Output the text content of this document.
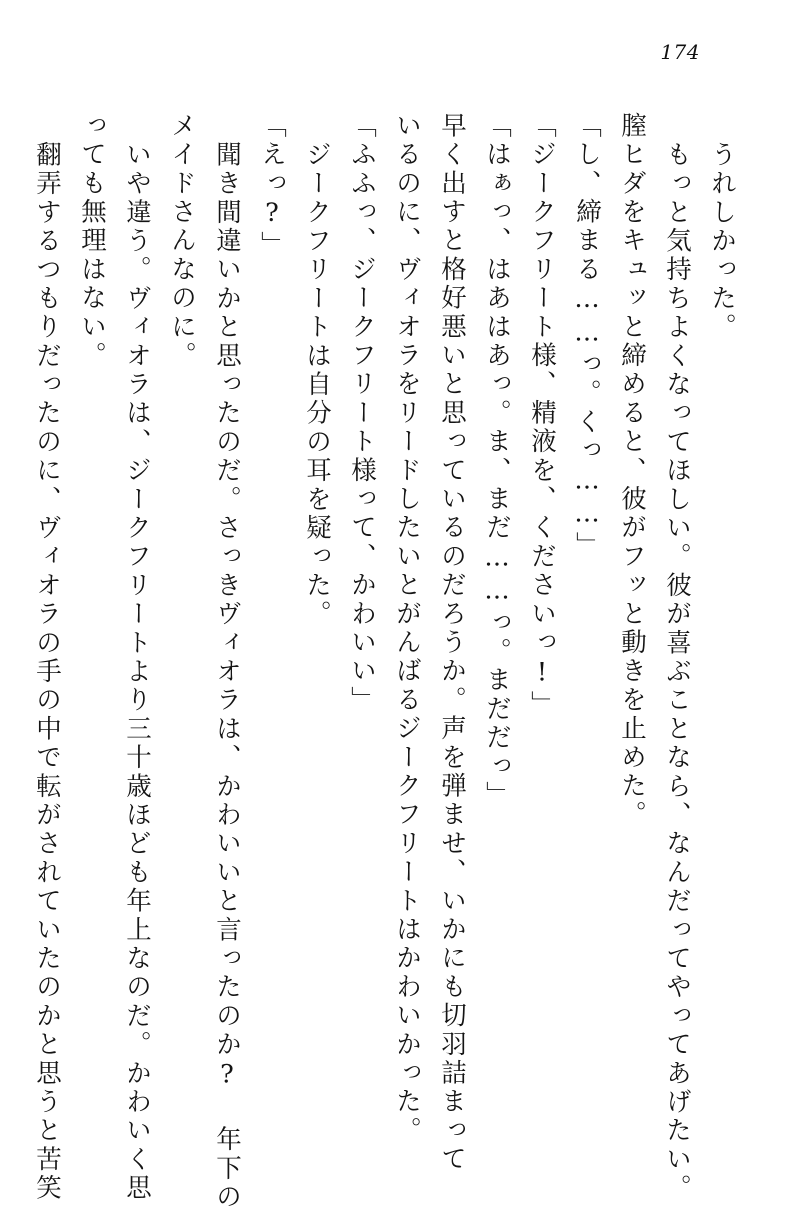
174
うれしかった。
もっと気持ちよくなってほしい。彼が喜ぶことなら、なんだってやってあげたい。
膣ヒダをキュッと締めると、彼がフッと動きを止めた。
「し、締まる……っ。くっ……」
「ジークフリート様、精液を、くださいっ!」
「はぁっ、はあはあっ。ま、まだ……っ。まだだっ」
早く出すと格好悪いと思っているのだろうか。声を弾ませ、いかにも切羽詰まって
いるのに、ヴィオラをリードしたいとがんばるジークフリートはかわいかった。
「ふふっ、ジークフリート様って、かわいい」
ジークフリートは自分の耳を疑った。
「えっ?」
聞き間違いかと思ったのだ。さっきヴィオラは、かわいいと言ったのか? 年下の
メイドさんなのに。
いや違う。ヴィオラは、ジークフリートより三十歳ほども年上なのだ。かわいく思
っても無理はない。
翻弄するつもりだったのに、ヴィオラの手の中で転がされていたのかと思うと苦笑
